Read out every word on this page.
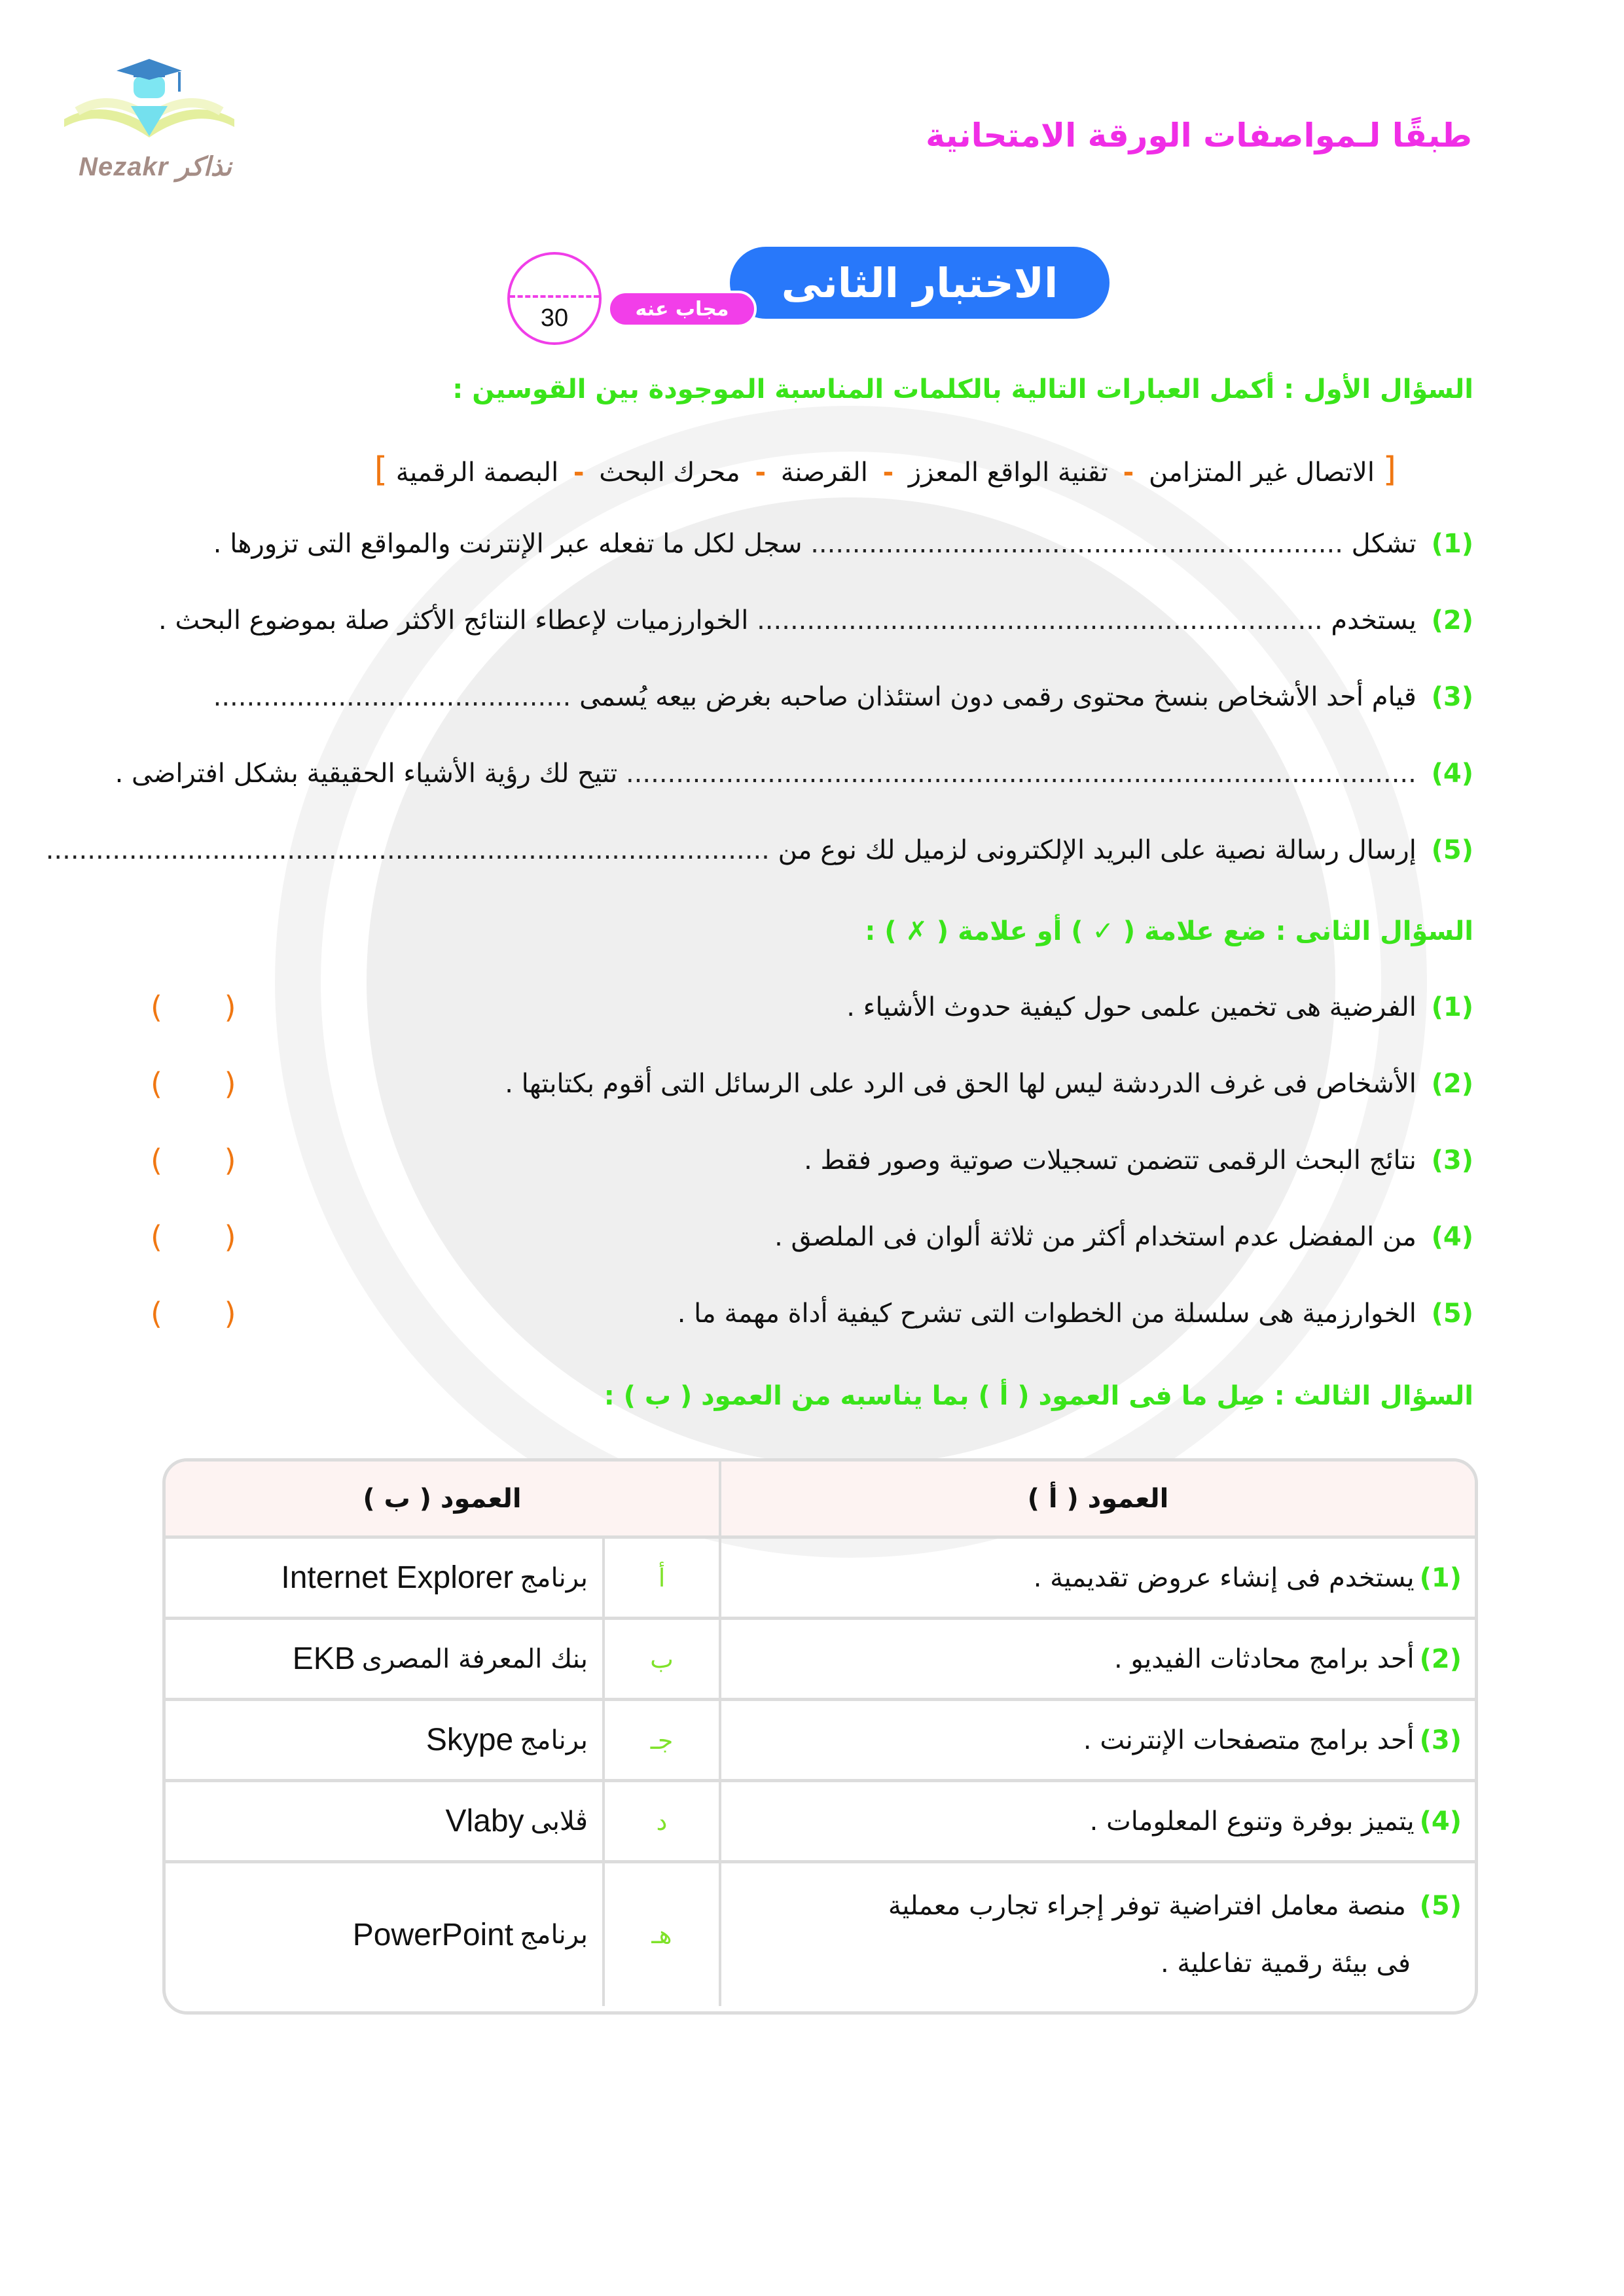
Nezakr نذاكر
طبقًا لـمواصفات الورقة الامتحانية
الاختبار الثانى
مجاب عنه
30
السؤال الأول : أكمل العبارات التالية بالكلمات المناسبة الموجودة بين القوسين :
[ الاتصال غير المتزامن - تقنية الواقع المعزز - القرصنة - محرك البحث - البصمة الرقمية ]
(1) تشكل ................................................................ سجل لكل ما تفعله عبر الإنترنت والمواقع التى تزورها .
(2) يستخدم .................................................................... الخوارزميات لإعطاء النتائج الأكثر صلة بموضوع البحث .
(3) قيام أحد الأشخاص بنسخ محتوى رقمى دون استئذان صاحبه بغرض بيعه يُسمى ...........................................
(4) ............................................................................................... تتيح لك رؤية الأشياء الحقيقية بشكل افتراضى .
(5) إرسال رسالة نصية على البريد الإلكترونى لزميل لك نوع من .......................................................................................
السؤال الثانى : ضع علامة ( ✓ ) أو علامة ( ✗ ) :
(1) الفرضية هى تخمين علمى حول كيفية حدوث الأشياء .
( )
(2) الأشخاص فى غرف الدردشة ليس لها الحق فى الرد على الرسائل التى أقوم بكتابتها .
( )
(3) نتائج البحث الرقمى تتضمن تسجيلات صوتية وصور فقط .
( )
(4) من المفضل عدم استخدام أكثر من ثلاثة ألوان فى الملصق .
( )
(5) الخوارزمية هى سلسلة من الخطوات التى تشرح كيفية أداة مهمة ما .
( )
السؤال الثالث : صِل ما فى العمود ( أ ) بما يناسبه من العمود ( ب ) :
العمود ( أ )
العمود ( ب )
(1)
يستخدم فى إنشاء عروض تقديمية .
أ
برنامج
Internet Explorer
(2)
أحد برامج محادثات الفيديو .
ب
بنك المعرفة المصرى
EKB
(3)
أحد برامج متصفحات الإنترنت .
جـ
برنامج
Skype
(4)
يتميز بوفرة وتنوع المعلومات .
د
ڤلابى
Vlaby
(5) منصة معامل افتراضية توفر إجراء تجارب معملية
فى بيئة رقمية تفاعلية .
هـ
برنامج
PowerPoint
